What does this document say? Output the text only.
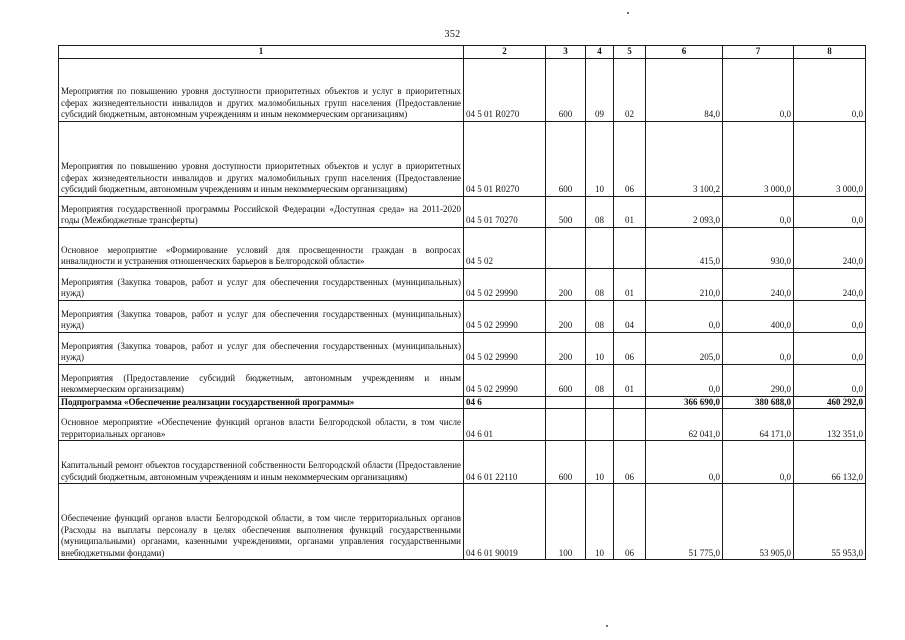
352
1	2	3	4	5	6	7	8
Мероприятия по повышению уровня доступности приоритетных объектов и услуг в приоритетных сферах жизнедеятельности инвалидов и других маломобильных групп населения (Предоставление субсидий бюджетным, автономным учреждениям и иным некоммерческим организациям)	04 5 01 R0270	600	09	02	84,0	0,0	0,0
Мероприятия по повышению уровня доступности приоритетных объектов и услуг в приоритетных сферах жизнедеятельности инвалидов и других маломобильных групп населения (Предоставление субсидий бюджетным, автономным учреждениям и иным некоммерческим организациям)	04 5 01 R0270	600	10	06	3 100,2	3 000,0	3 000,0
Мероприятия государственной программы Российской Федерации «Доступная среда» на 2011-2020 годы (Межбюджетные трансферты)	04 5 01 70270	500	08	01	2 093,0	0,0	0,0
Основное мероприятие «Формирование условий для просвещенности граждан в вопросах инвалидности и устранения отношенческих барьеров в Белгородской области»	04 5 02				415,0	930,0	240,0
Мероприятия (Закупка товаров, работ и услуг для обеспечения государственных (муниципальных) нужд)	04 5 02 29990	200	08	01	210,0	240,0	240,0
Мероприятия (Закупка товаров, работ и услуг для обеспечения государственных (муниципальных) нужд)	04 5 02 29990	200	08	04	0,0	400,0	0,0
Мероприятия (Закупка товаров, работ и услуг для обеспечения государственных (муниципальных) нужд)	04 5 02 29990	200	10	06	205,0	0,0	0,0
Мероприятия (Предоставление субсидий бюджетным, автономным учреждениям и иным некоммерческим организациям)	04 5 02 29990	600	08	01	0,0	290,0	0,0
Подпрограмма «Обеспечение реализации государственной программы»	04 6				366 690,0	380 688,0	460 292,0
Основное мероприятие «Обеспечение функций органов власти Белгородской области, в том числе территориальных органов»	04 6 01				62 041,0	64 171,0	132 351,0
Капитальный ремонт объектов государственной собственности Белгородской области (Предоставление субсидий бюджетным, автономным учреждениям и иным некоммерческим организациям)	04 6 01 22110	600	10	06	0,0	0,0	66 132,0
Обеспечение функций органов власти Белгородской области, в том числе территориальных органов (Расходы на выплаты персоналу в целях обеспечения выполнения функций государственными (муниципальными) органами, казенными учреждениями, органами управления государственными внебюджетными фондами)	04 6 01 90019	100	10	06	51 775,0	53 905,0	55 953,0
